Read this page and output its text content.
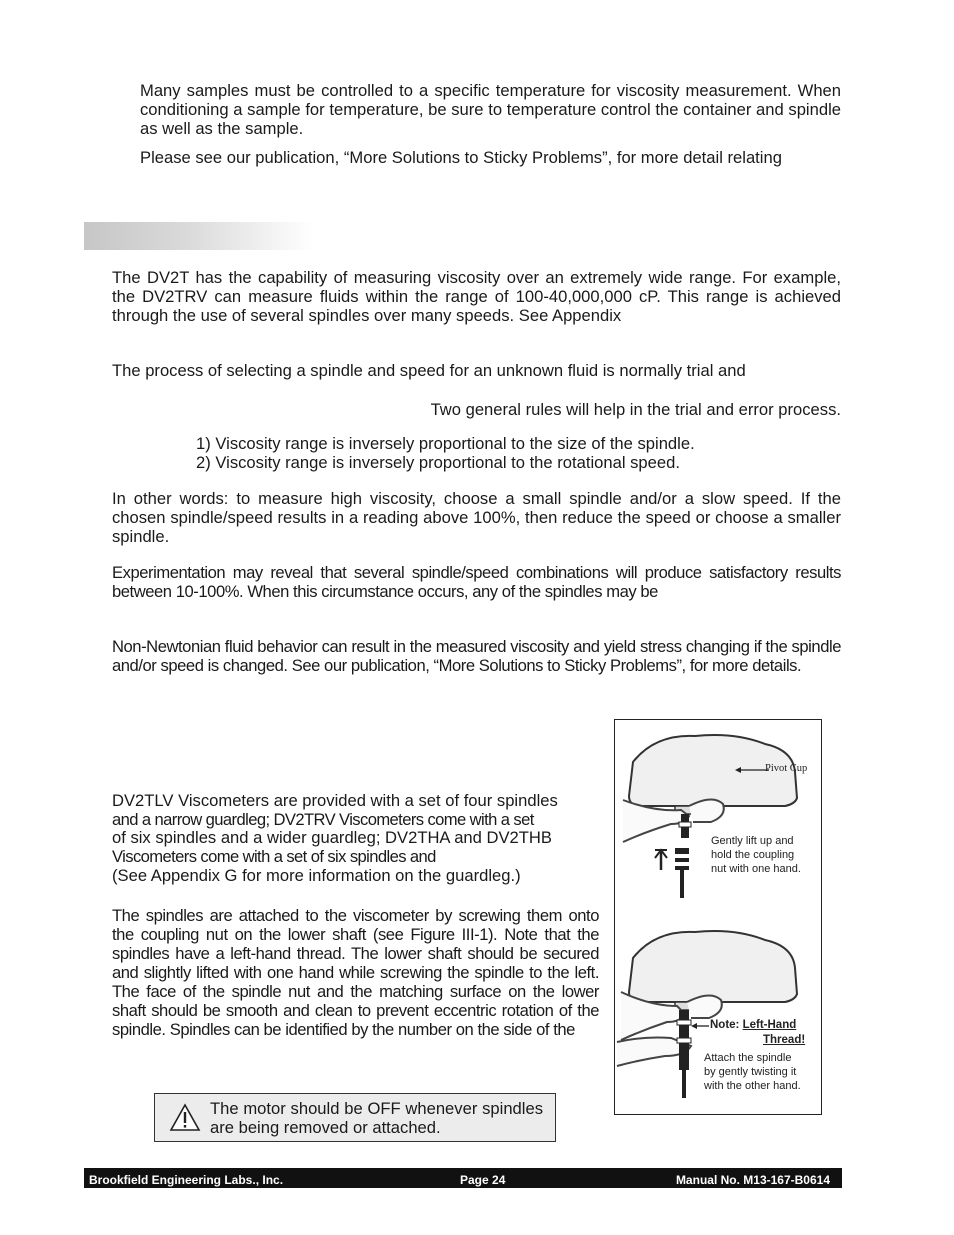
Many samples must be controlled to a specific temperature for viscosity measurement. When conditioning a sample for temperature, be sure to temperature control the container and spindle as well as the sample.

Please see our publication, “More Solutions to Sticky Problems”, for more detail relating

The DV2T has the capability of measuring viscosity over an extremely wide range. For example, the DV2TRV can measure fluids within the range of 100-40,000,000 cP. This range is achieved through the use of several spindles over many speeds. See Appendix

The process of selecting a spindle and speed for an unknown fluid is normally trial and

Two general rules will help in the trial and error process.

1) Viscosity range is inversely proportional to the size of the spindle.

2) Viscosity range is inversely proportional to the rotational speed.

In other words: to measure high viscosity, choose a small spindle and/or a slow speed. If the chosen spindle/speed results in a reading above 100%, then reduce the speed or choose a smaller spindle.

Experimentation may reveal that several spindle/speed combinations will produce satisfactory results between 10-100%. When this circumstance occurs, any of the spindles may be

Non-Newtonian fluid behavior can result in the measured viscosity and yield stress changing if the spindle and/or speed is changed. See our publication, “More Solutions to Sticky Problems”, for more details.

DV2TLV Viscometers are provided with a set of four spindles

and a narrow guardleg; DV2TRV Viscometers come with a set

of six spindles and a wider guardleg; DV2THA and DV2THB

Viscometers come with a set of six spindles and

(See Appendix G for more information on the guardleg.)

The spindles are attached to the viscometer by screwing them onto the coupling nut on the lower shaft (see Figure III-1). Note that the spindles have a left-hand thread. The lower shaft should be secured and slightly lifted with one hand while screwing the spindle to the left. The face of the spindle nut and the matching surface on the lower shaft should be smooth and clean to prevent eccentric rotation of the spindle. Spindles can be identified by the number on the side of the

Pivot Cup

Gently lift up and

hold the coupling

nut with one hand.

Note: Left-Hand

Thread!

Attach the spindle

by gently twisting it

with the other hand.

The motor should be OFF whenever spindles are being removed or attached.

Brookfield Engineering Labs., Inc.	Page 24	Manual No. M13-167-B0614
